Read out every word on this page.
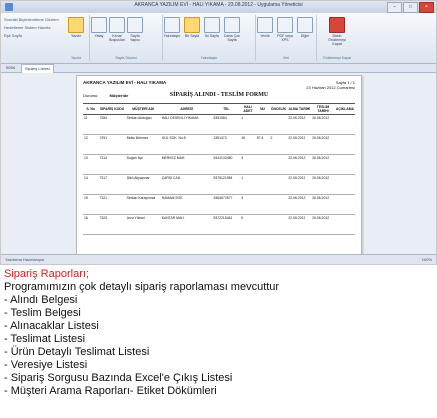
AKRANCA YAZILIM EVİ - HALI YIKAMA - 23.08.2012 - Uygulama Yöneticisi	–	□	×
Sonraki Biçimlendirme Gözlem
Hedefleme Sistem Hazırla
Eşit Sayfa	Yazdır
Yazdır
Yatay	Kenar Boşlukları
Sayfa Yapısı
Sayfa Düzeni
Yakınlaştır	Bir Sayfa	İki Sayfa	Daha Çok Sayfa
Yakınlaştır
Yenile	PDF veya XPS
Diğer
Veri
Baskı Önizlemeyi Kapat
Önizlemeyi Kapat
0054	Sipariş Listesi
AKRANCA YAZILIM EVİ - HALI YIKAMA	Sayfa 1 / 1
23 Haziran 2012 Cumartesi
Durumu:	Müşteride	SİPARİŞ ALINDI - TESLİM FORMU
S. No	SİPARİŞ KODU	MÜŞTERİ ADI	ADRESİ	TEL	HALI ADET	M2	ÖNCELİK	ALMA TARİHİ	TESLİM TARİHİ	AÇIKLAMA
11	7284	Serkan Akdoğan	HALI DESENLİ YIKAMA	5351584	1			22.06.2012	26.06.2012	
12	7291	Mutlu Bekmez	GÜL SOK. No:5	2351472	18	87.4	2	22.06.2012	26.06.2012	
13	7314	Doğan Ilçe	MERKEZ MAH.	5442132480	3			22.06.2012	26.06.2012	
14	7317	Ülkü Akyapınar	ÇARŞI CAD.	5378121984	1			22.06.2012	26.06.2012	
15	7321	Serkan Karayılmaz	HAMAM SOK.	3464672577	3			22.06.2012	26.06.2012	
16	7323	Arzu Yüksel	KANTAR MAH.	5372215461	5			22.06.2012	26.06.2012	
Yazdırma Hazırlanıyor	100%
Sipariş Raporları;
Programımızın çok detaylı sipariş raporlaması mevcuttur
- Alındı Belgesi
- Teslim Belgesi
- Alınacaklar Listesi
- Teslimat Listesi
- Ürün Detaylı Teslimat Listesi
- Veresiye Listesi
- Sipariş Sorgusu Bazında Excel'e Çıkış Listesi
- Müşteri Arama Raporları- Etiket Dökümleri
